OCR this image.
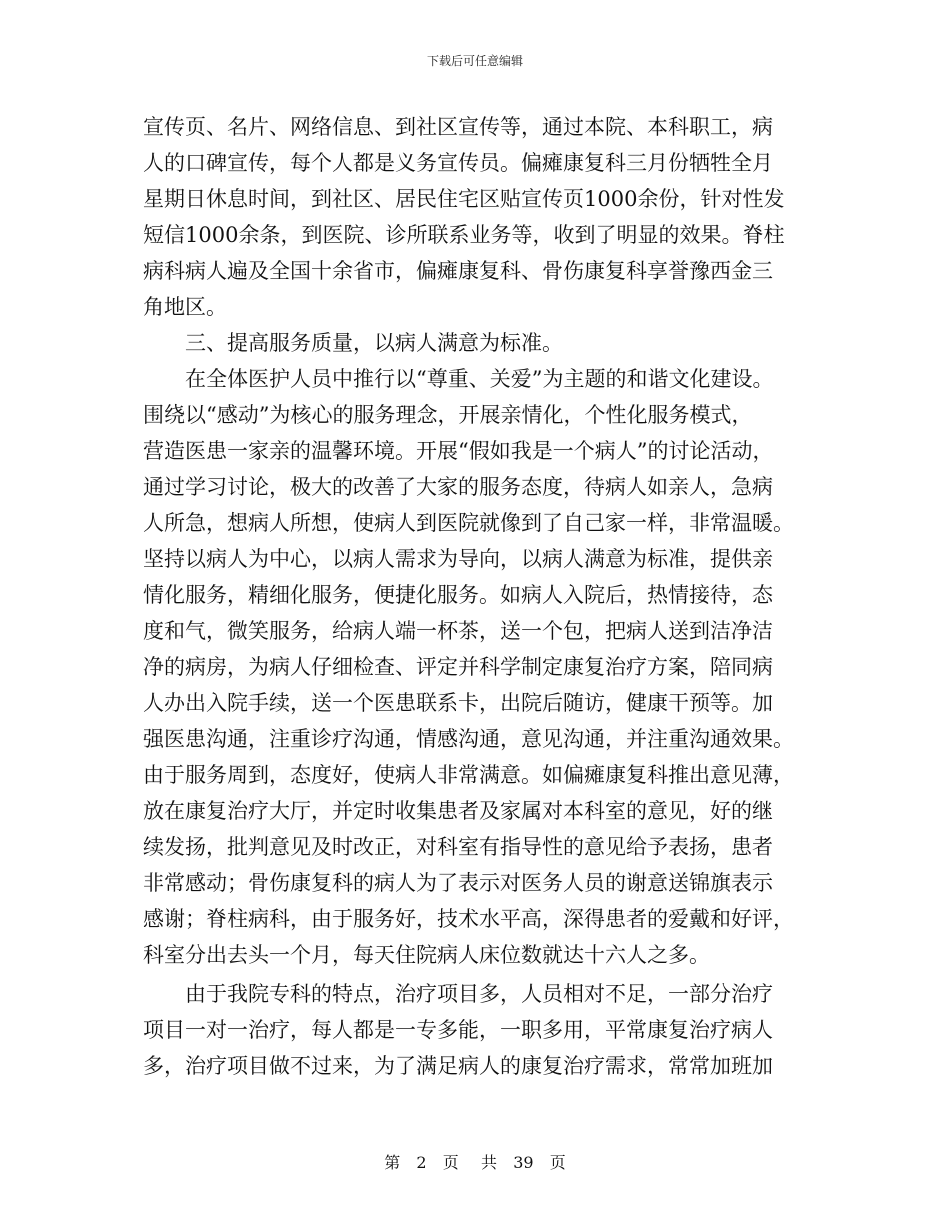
下载后可任意编辑
宣传页、名片、网络信息、到社区宣传等，通过本院、本科职工，病
人的口碑宣传，每个人都是义务宣传员。偏瘫康复科三月份牺牲全月
星期日休息时间，到社区、居民住宅区贴宣传页1000余份，针对性发
短信1000余条，到医院、诊所联系业务等，收到了明显的效果。脊柱
病科病人遍及全国十余省市，偏瘫康复科、骨伤康复科享誉豫西金三
角地区。
三、提高服务质量，以病人满意为标准。
在全体医护人员中推行以“尊重、关爱”为主题的和谐文化建设。
围绕以“感动”为核心的服务理念，开展亲情化，个性化服务模式，
营造医患一家亲的温馨环境。开展“假如我是一个病人”的讨论活动，
通过学习讨论，极大的改善了大家的服务态度，待病人如亲人，急病
人所急，想病人所想，使病人到医院就像到了自己家一样，非常温暖。
坚持以病人为中心，以病人需求为导向，以病人满意为标准，提供亲
情化服务，精细化服务，便捷化服务。如病人入院后，热情接待，态
度和气，微笑服务，给病人端一杯茶，送一个包，把病人送到洁净洁
净的病房，为病人仔细检查、评定并科学制定康复治疗方案，陪同病
人办出入院手续，送一个医患联系卡，出院后随访，健康干预等。加
强医患沟通，注重诊疗沟通，情感沟通，意见沟通，并注重沟通效果。
由于服务周到，态度好，使病人非常满意。如偏瘫康复科推出意见薄，
放在康复治疗大厅，并定时收集患者及家属对本科室的意见，好的继
续发扬，批判意见及时改正，对科室有指导性的意见给予表扬，患者
非常感动；骨伤康复科的病人为了表示对医务人员的谢意送锦旗表示
感谢；脊柱病科，由于服务好，技术水平高，深得患者的爱戴和好评，
科室分出去头一个月，每天住院病人床位数就达十六人之多。
由于我院专科的特点，治疗项目多，人员相对不足，一部分治疗
项目一对一治疗，每人都是一专多能，一职多用，平常康复治疗病人
多，治疗项目做不过来，为了满足病人的康复治疗需求，常常加班加
第 2 页 共 39 页
